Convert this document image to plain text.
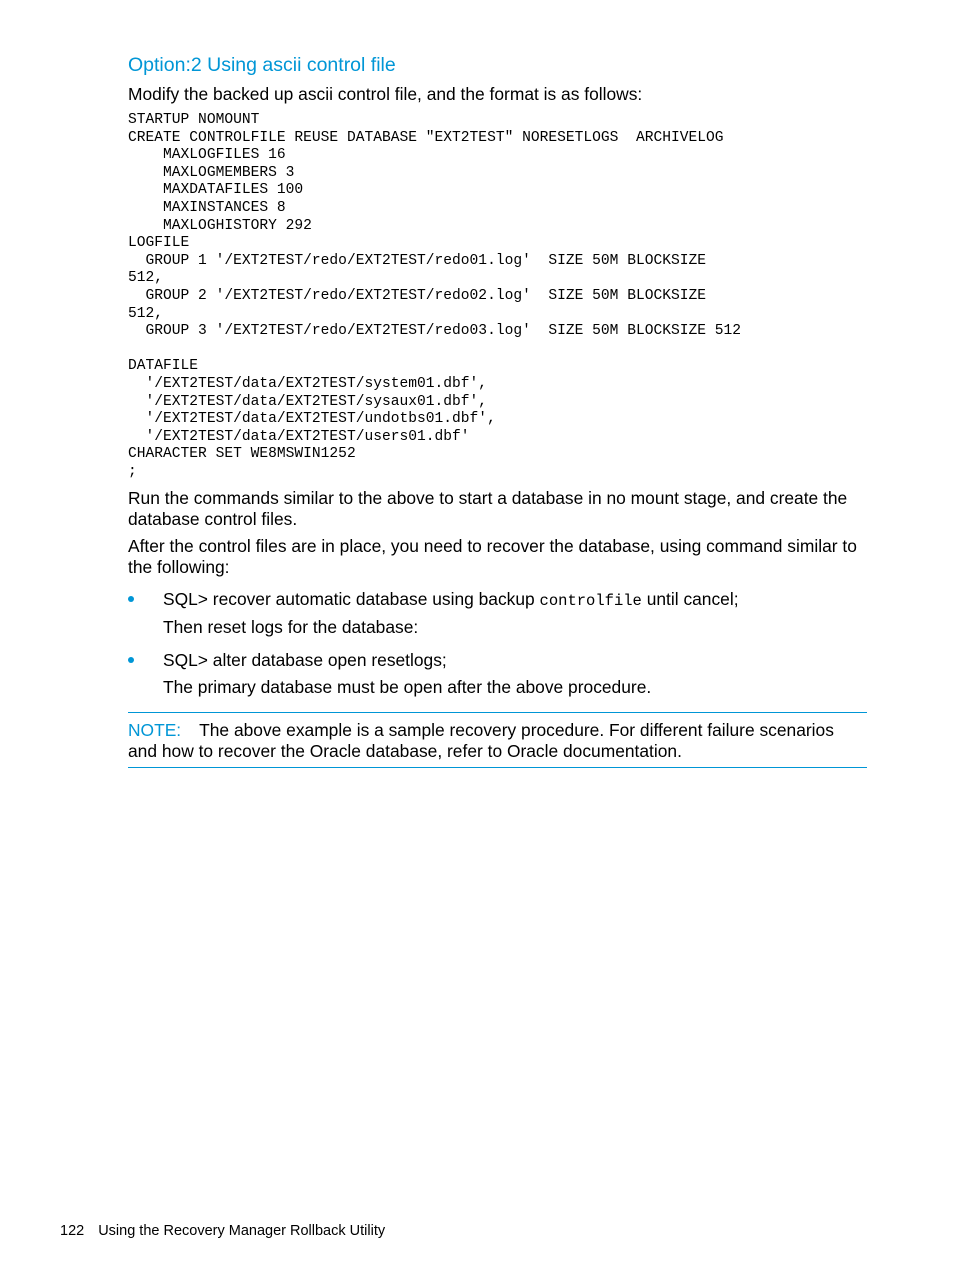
Option:2 Using ascii control file

Modify the backed up ascii control file, and the format is as follows:

STARTUP NOMOUNT
CREATE CONTROLFILE REUSE DATABASE "EXT2TEST" NORESETLOGS  ARCHIVELOG
MAXLOGFILES 16
MAXLOGMEMBERS 3
MAXDATAFILES 100
MAXINSTANCES 8
MAXLOGHISTORY 292
LOGFILE
GROUP 1 '/EXT2TEST/redo/EXT2TEST/redo01.log'  SIZE 50M BLOCKSIZE
512,
GROUP 2 '/EXT2TEST/redo/EXT2TEST/redo02.log'  SIZE 50M BLOCKSIZE
512,
GROUP 3 '/EXT2TEST/redo/EXT2TEST/redo03.log'  SIZE 50M BLOCKSIZE 512
DATAFILE
'/EXT2TEST/data/EXT2TEST/system01.dbf',
'/EXT2TEST/data/EXT2TEST/sysaux01.dbf',
'/EXT2TEST/data/EXT2TEST/undotbs01.dbf',
'/EXT2TEST/data/EXT2TEST/users01.dbf'
CHARACTER SET WE8MSWIN1252
;

Run the commands similar to the above to start a database in no mount stage, and create the database control files.

After the control files are in place, you need to recover the database, using command similar to the following:

SQL> recover automatic database using backup controlfile until cancel;
Then reset logs for the database:
SQL> alter database open resetlogs;
The primary database must be open after the above procedure.

NOTE: The above example is a sample recovery procedure. For different failure scenarios and how to recover the Oracle database, refer to Oracle documentation.

122 Using the Recovery Manager Rollback Utility
